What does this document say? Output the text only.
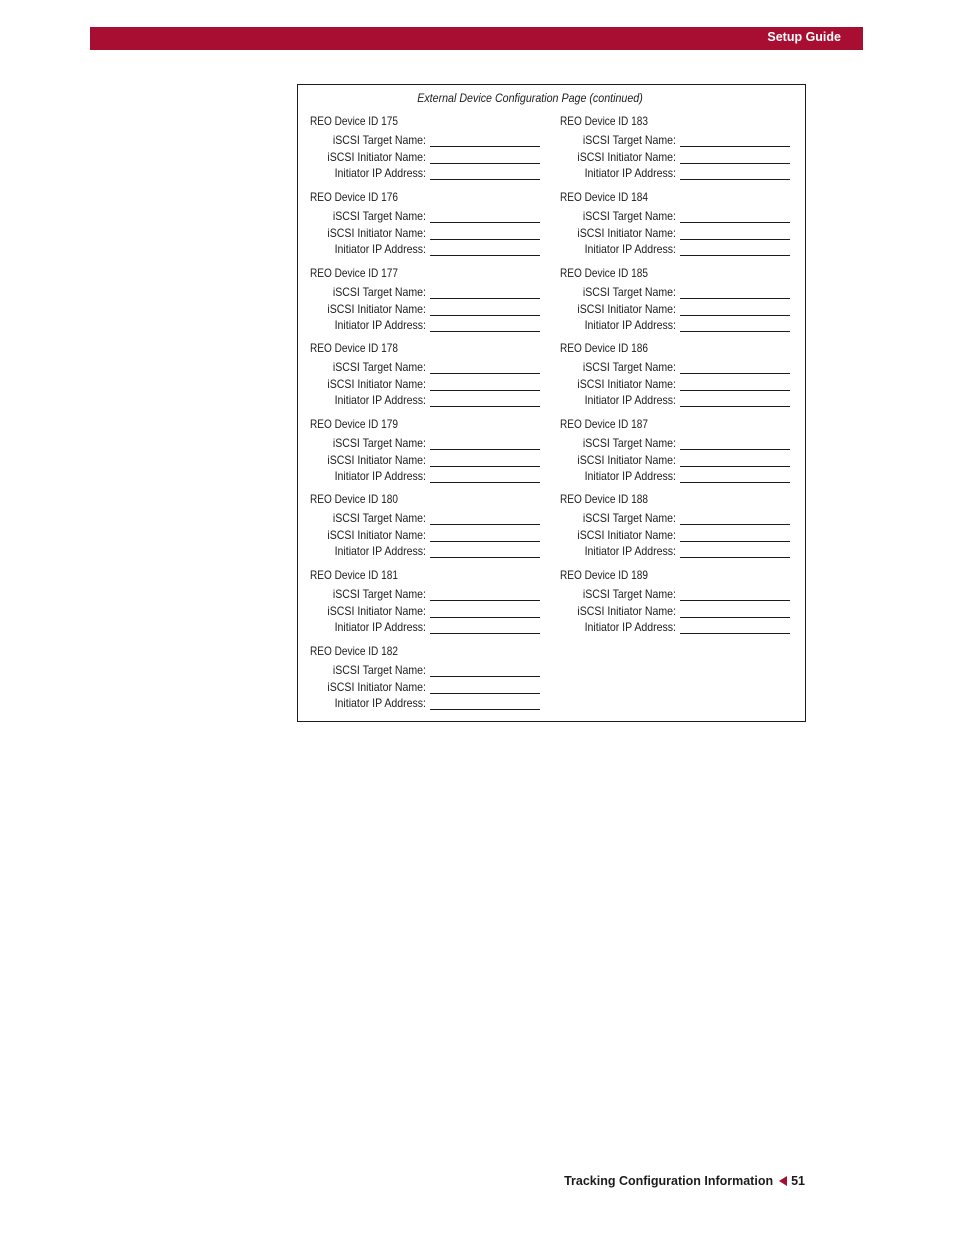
Setup Guide
External Device Configuration Page (continued)
REO Device ID 175
iSCSI Target Name:
iSCSI Initiator Name:
Initiator IP Address:
REO Device ID 176
iSCSI Target Name:
iSCSI Initiator Name:
Initiator IP Address:
REO Device ID 177
iSCSI Target Name:
iSCSI Initiator Name:
Initiator IP Address:
REO Device ID 178
iSCSI Target Name:
iSCSI Initiator Name:
Initiator IP Address:
REO Device ID 179
iSCSI Target Name:
iSCSI Initiator Name:
Initiator IP Address:
REO Device ID 180
iSCSI Target Name:
iSCSI Initiator Name:
Initiator IP Address:
REO Device ID 181
iSCSI Target Name:
iSCSI Initiator Name:
Initiator IP Address:
REO Device ID 182
iSCSI Target Name:
iSCSI Initiator Name:
Initiator IP Address:
REO Device ID 183
iSCSI Target Name:
iSCSI Initiator Name:
Initiator IP Address:
REO Device ID 184
iSCSI Target Name:
iSCSI Initiator Name:
Initiator IP Address:
REO Device ID 185
iSCSI Target Name:
iSCSI Initiator Name:
Initiator IP Address:
REO Device ID 186
iSCSI Target Name:
iSCSI Initiator Name:
Initiator IP Address:
REO Device ID 187
iSCSI Target Name:
iSCSI Initiator Name:
Initiator IP Address:
REO Device ID 188
iSCSI Target Name:
iSCSI Initiator Name:
Initiator IP Address:
REO Device ID 189
iSCSI Target Name:
iSCSI Initiator Name:
Initiator IP Address:
Tracking Configuration Information 51
